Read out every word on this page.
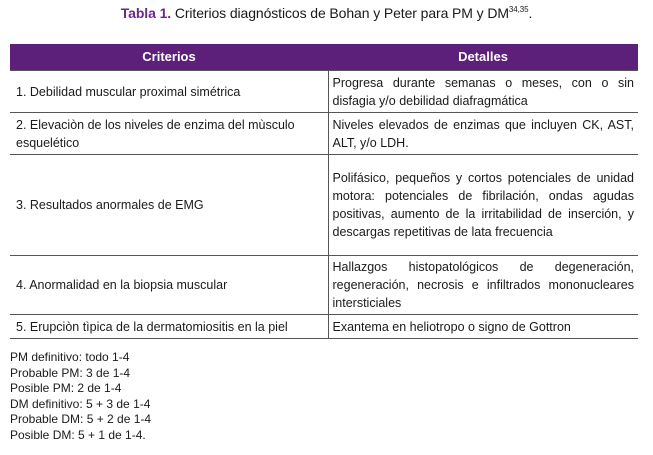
Tabla 1. Criterios diagnósticos de Bohan y Peter para PM y DM$^{34,35}$.
Criterios	Detalles
1. Debilidad muscular proximal simétrica	Progresa durante semanas o meses, con o sin disfagia y/o debilidad diafragmática
2. Elevaciòn de los niveles de enzima del mùsculo esquelético	Niveles elevados de enzimas que incluyen CK, AST, ALT, y/o LDH.
3. Resultados anormales de EMG	Polifásico, pequeños y cortos potenciales de unidad motora: potenciales de fibrilación, ondas agudas positivas, aumento de la irritabilidad de inserción, y descargas repetitivas de lata frecuencia
4. Anormalidad en la biopsia muscular	Hallazgos histopatológicos de degeneración, regeneración, necrosis e infiltrados mononucleares intersticiales
5. Erupciòn tìpica de la dermatomiositis en la piel	Exantema en heliotropo o signo de Gottron
PM definitivo: todo 1-4
Probable PM: 3 de 1-4
Posible PM: 2 de 1-4
DM definitivo: 5 + 3 de 1-4
Probable DM: 5 + 2 de 1-4
Posible DM: 5 + 1 de 1-4.
